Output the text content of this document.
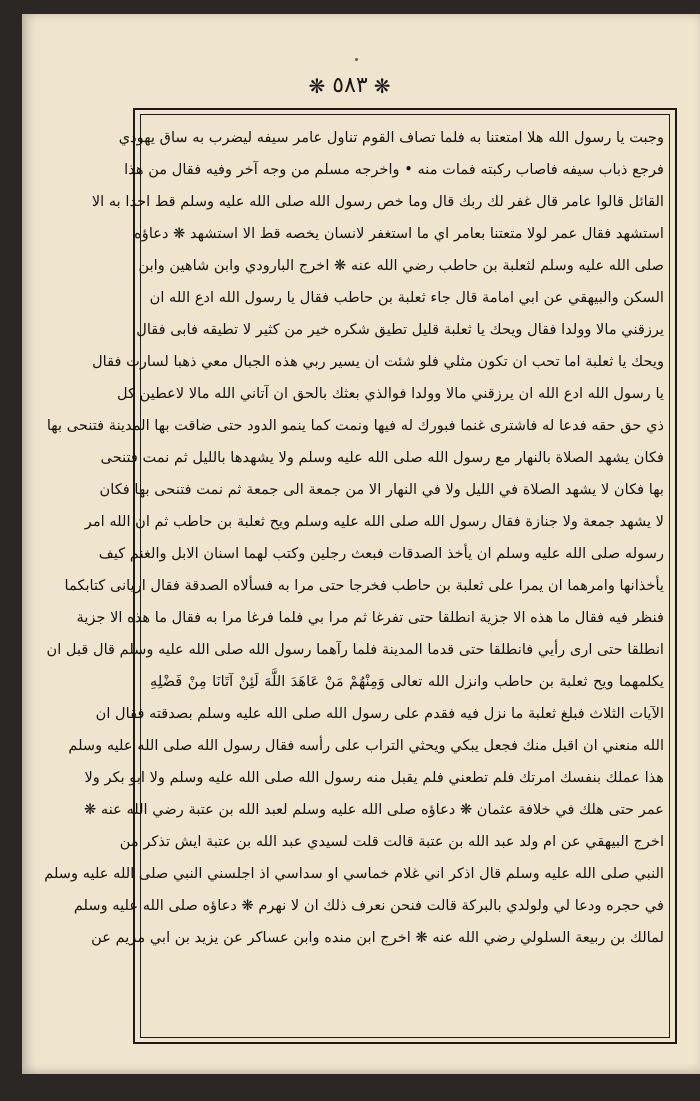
❋٥٨٣❋
وجبت يا رسول الله هلا امتعتنا به فلما تصاف القوم تناول عامر سيفه ليضرب به ساق يهودي
فرجع ذباب سيفه فاصاب ركبته فمات منه • واخرجه مسلم من وجه آخر وفيه فقال من هذا
القائل قالوا عامر قال غفر لك ربك قال وما خص رسول الله صلى الله عليه وسلم قط احدا به الا
استشهد فقال عمر لولا متعتنا بعامر اي ما استغفر لانسان يخصه قط الا استشهد ❋ دعاؤه
صلى الله عليه وسلم لثعلبة بن حاطب رضي الله عنه ❋ اخرج البارودي وابن شاهين وابن
السكن والبيهقي عن ابي امامة قال جاء ثعلبة بن حاطب فقال يا رسول الله ادع الله ان
يرزقني مالا وولدا فقال ويحك يا ثعلبة قليل تطيق شكره خير من كثير لا تطيقه فابى فقال
ويحك يا ثعلبة اما تحب ان تكون مثلي فلو شئت ان يسير ربي هذه الجبال معي ذهبا لسارت فقال
يا رسول الله ادع الله ان يرزقني مالا وولدا فوالذي بعثك بالحق ان آتاني الله مالا لاعطين كل
ذي حق حقه فدعا له فاشترى غنما فبورك له فيها ونمت كما ينمو الدود حتى ضاقت بها المدينة فتنحى بها
فكان يشهد الصلاة بالنهار مع رسول الله صلى الله عليه وسلم ولا يشهدها بالليل ثم نمت فتنحى
بها فكان لا يشهد الصلاة في الليل ولا في النهار الا من جمعة الى جمعة ثم نمت فتنحى بها فكان
لا يشهد جمعة ولا جنازة فقال رسول الله صلى الله عليه وسلم ويح ثعلبة بن حاطب ثم ان الله امر
رسوله صلى الله عليه وسلم ان يأخذ الصدقات فبعث رجلين وكتب لهما اسنان الابل والغنم كيف
يأخذانها وامرهما ان يمرا على ثعلبة بن حاطب فخرجا حتى مرا به فسألاه الصدقة فقال اريانى كتابكما
فنظر فيه فقال ما هذه الا جزية انطلقا حتى تفرغا ثم مرا بي فلما فرغا مرا به فقال ما هذه الا جزية
انطلقا حتى ارى رأيي فانطلقا حتى قدما المدينة فلما رآهما رسول الله صلى الله عليه وسلم قال قبل ان
يكلمهما ويح ثعلبة بن حاطب وانزل الله تعالى وَمِنْهُمْ مَنْ عَاهَدَ اللَّهَ لَئِنْ آتَانَا مِنْ فَضْلِهِ
الآيات الثلاث فبلغ ثعلبة ما نزل فيه فقدم على رسول الله صلى الله عليه وسلم بصدقته فقال ان
الله منعني ان اقبل منك فجعل يبكي ويحثي التراب على رأسه فقال رسول الله صلى الله عليه وسلم
هذا عملك بنفسك امرتك فلم تطعني فلم يقبل منه رسول الله صلى الله عليه وسلم ولا ابو بكر ولا
عمر حتى هلك في خلافة عثمان ❋ دعاؤه صلى الله عليه وسلم لعبد الله بن عتبة رضي الله عنه ❋
اخرج البيهقي عن ام ولد عبد الله بن عتبة قالت قلت لسيدي عبد الله بن عتبة ايش تذكر من
النبي صلى الله عليه وسلم قال اذكر اني غلام خماسي او سداسي اذ اجلسني النبي صلى الله عليه وسلم
في حجره ودعا لي ولولدي بالبركة قالت فنحن نعرف ذلك ان لا نهرم ❋ دعاؤه صلى الله عليه وسلم
لمالك بن ربيعة السلولي رضي الله عنه ❋ اخرج ابن منده وابن عساكر عن يزيد بن ابي مريم عن
